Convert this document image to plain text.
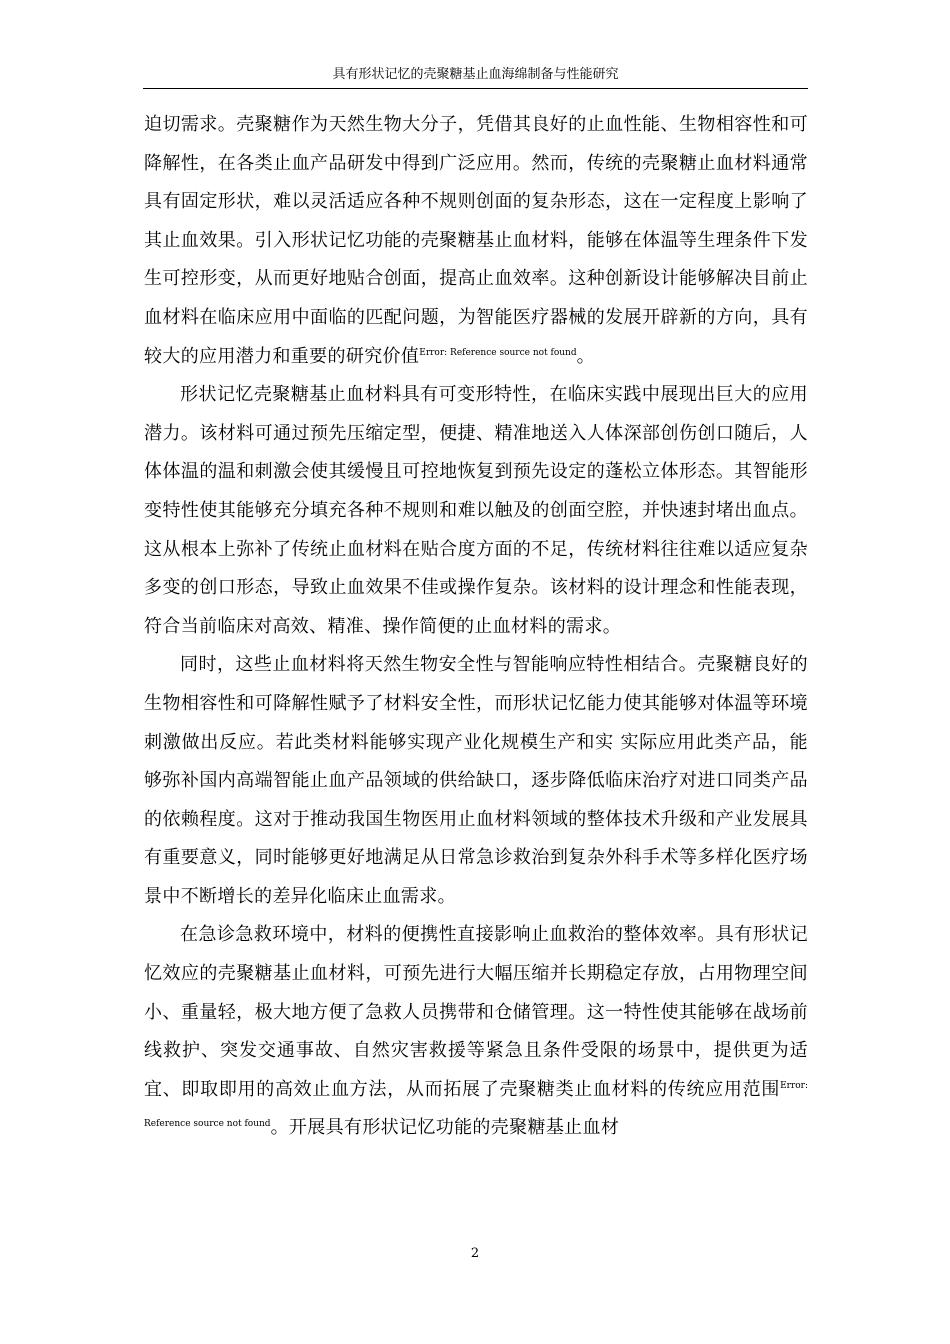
具有形状记忆的壳聚糖基止血海绵制备与性能研究

迫切需求。壳聚糖作为天然生物大分子，凭借其良好的止血性能、生物相容性和可降解性，在各类止血产品研发中得到广泛应用。然而，传统的壳聚糖止血材料通常具有固定形状，难以灵活适应各种不规则创面的复杂形态，这在一定程度上影响了其止血效果。引入形状记忆功能的壳聚糖基止血材料，能够在体温等生理条件下发生可控形变，从而更好地贴合创面，提高止血效率。这种创新设计能够解决目前止血材料在临床应用中面临的匹配问题，为智能医疗器械的发展开辟新的方向，具有较大的应用潜力和重要的研究价值$^{Error: Reference source not found}$。

形状记忆壳聚糖基止血材料具有可变形特性，在临床实践中展现出巨大的应用潜力。该材料可通过预先压缩定型，便捷、精准地送入人体深部创伤创口随后，人体体温的温和刺激会使其缓慢且可控地恢复到预先设定的蓬松立体形态。其智能形变特性使其能够充分填充各种不规则和难以触及的创面空腔，并快速封堵出血点。这从根本上弥补了传统止血材料在贴合度方面的不足，传统材料往往难以适应复杂多变的创口形态，导致止血效果不佳或操作复杂。该材料的设计理念和性能表现，符合当前临床对高效、精准、操作简便的止血材料的需求。

同时，这些止血材料将天然生物安全性与智能响应特性相结合。壳聚糖良好的生物相容性和可降解性赋予了材料安全性，而形状记忆能力使其能够对体温等环境刺激做出反应。若此类材料能够实现产业化规模生产和实 实际应用此类产品，能够弥补国内高端智能止血产品领域的供给缺口，逐步降低临床治疗对进口同类产品的依赖程度。这对于推动我国生物医用止血材料领域的整体技术升级和产业发展具有重要意义，同时能够更好地满足从日常急诊救治到复杂外科手术等多样化医疗场景中不断增长的差异化临床止血需求。

在急诊急救环境中，材料的便携性直接影响止血救治的整体效率。具有形状记忆效应的壳聚糖基止血材料，可预先进行大幅压缩并长期稳定存放，占用物理空间小、重量轻，极大地方便了急救人员携带和仓储管理。这一特性使其能够在战场前线救护、突发交通事故、自然灾害救援等紧急且条件受限的场景中，提供更为适宜、即取即用的高效止血方法，从而拓展了壳聚糖类止血材料的传统应用范围$^{Error: Reference source not found}$。开展具有形状记忆功能的壳聚糖基止血材

2
